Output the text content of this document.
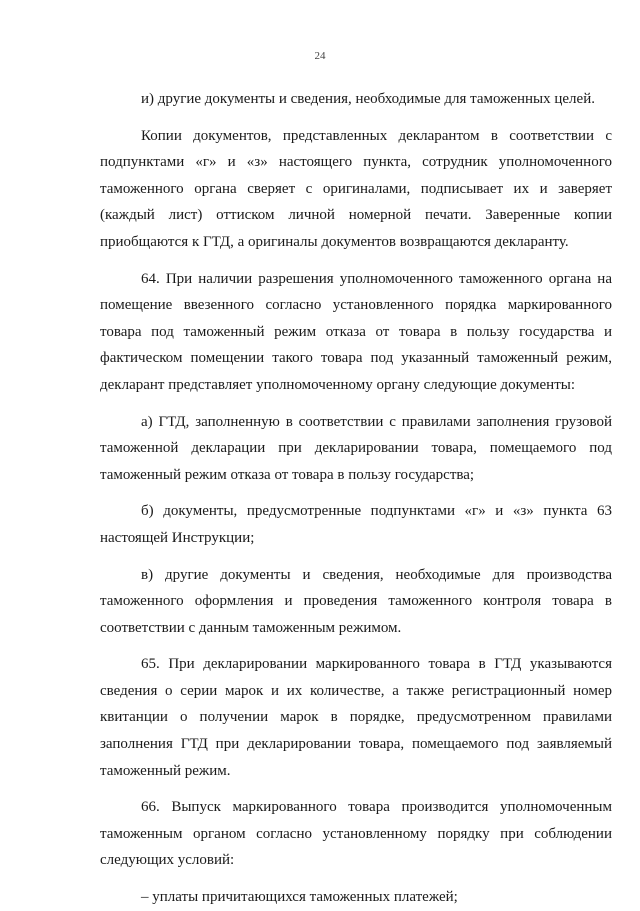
24

и) другие документы и сведения, необходимые для таможенных целей.

Копии документов, представленных декларантом в соответствии с подпунктами «г» и «з» настоящего пункта, сотрудник уполномоченного таможенного органа сверяет с оригиналами, подписывает их и заверяет (каждый лист) оттиском личной номерной печати. Заверенные копии приобщаются к ГТД, а оригиналы документов возвращаются декларанту.

64. При наличии разрешения уполномоченного таможенного органа на помещение ввезенного согласно установленного порядка маркированного товара под таможенный режим отказа от товара в пользу государства и фактическом помещении такого товара под указанный таможенный режим, декларант представляет уполномоченному органу следующие документы:

а) ГТД, заполненную в соответствии с правилами заполнения грузовой таможенной декларации при декларировании товара, помещаемого под таможенный режим отказа от товара в пользу государства;

б) документы, предусмотренные подпунктами «г» и «з» пункта 63 настоящей Инструкции;

в) другие документы и сведения, необходимые для производства таможенного оформления и проведения таможенного контроля товара в соответствии с данным таможенным режимом.

65. При декларировании маркированного товара в ГТД указываются сведения о серии марок и их количестве, а также регистрационный номер квитанции о получении марок в порядке, предусмотренном правилами заполнения ГТД при декларировании товара, помещаемого под заявляемый таможенный режим.

66. Выпуск маркированного товара производится уполномоченным таможенным органом согласно установленному порядку при соблюдении следующих условий:

– уплаты причитающихся таможенных платежей;
